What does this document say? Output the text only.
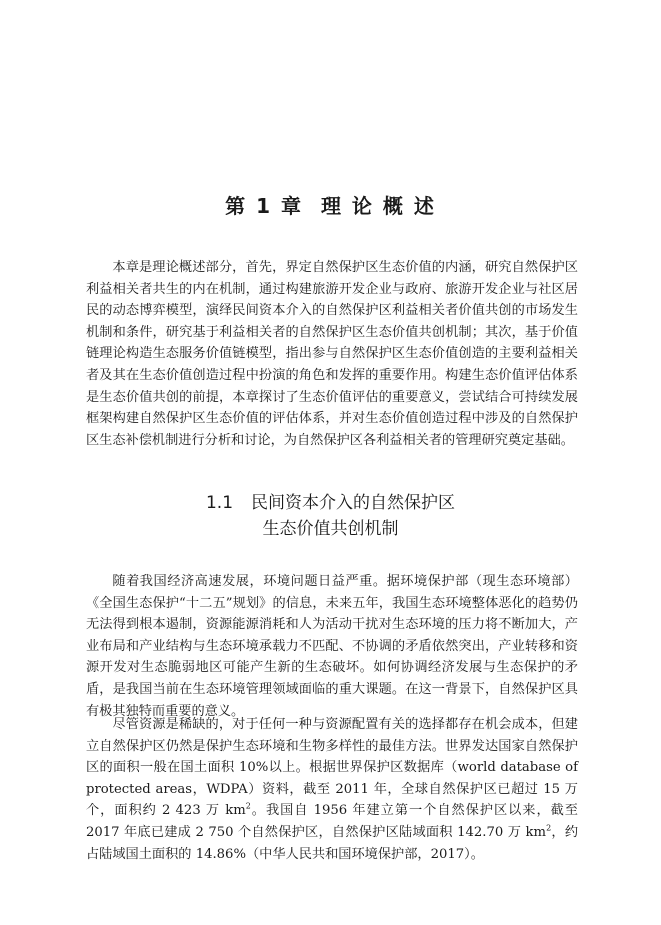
第 1 章 理 论 概 述

本章是理论概述部分，首先，界定自然保护区生态价值的内涵，研究自然保护区利益相关者共生的内在机制，通过构建旅游开发企业与政府、旅游开发企业与社区居民的动态博弈模型，演绎民间资本介入的自然保护区利益相关者价值共创的市场发生机制和条件，研究基于利益相关者的自然保护区生态价值共创机制；其次，基于价值链理论构造生态服务价值链模型，指出参与自然保护区生态价值创造的主要利益相关者及其在生态价值创造过程中扮演的角色和发挥的重要作用。构建生态价值评估体系是生态价值共创的前提，本章探讨了生态价值评估的重要意义，尝试结合可持续发展框架构建自然保护区生态价值的评估体系，并对生态价值创造过程中涉及的自然保护区生态补偿机制进行分析和讨论，为自然保护区各利益相关者的管理研究奠定基础。

1.1 民间资本介入的自然保护区
生态价值共创机制

随着我国经济高速发展，环境问题日益严重。据环境保护部（现生态环境部）《全国生态保护“十二五”规划》的信息，未来五年，我国生态环境整体恶化的趋势仍无法得到根本遏制，资源能源消耗和人为活动干扰对生态环境的压力将不断加大，产业布局和产业结构与生态环境承载力不匹配、不协调的矛盾依然突出，产业转移和资源开发对生态脆弱地区可能产生新的生态破坏。如何协调经济发展与生态保护的矛盾，是我国当前在生态环境管理领域面临的重大课题。在这一背景下，自然保护区具有极其独特而重要的意义。

尽管资源是稀缺的，对于任何一种与资源配置有关的选择都存在机会成本，但建立自然保护区仍然是保护生态环境和生物多样性的最佳方法。世界发达国家自然保护区的面积一般在国土面积 10%以上。根据世界保护区数据库（world database of protected areas，WDPA）资料，截至 2011 年，全球自然保护区已超过 15 万个，面积约 2 423 万 $km^2$。我国自 1956 年建立第一个自然保护区以来，截至 2017 年底已建成 2 750 个自然保护区，自然保护区陆域面积 142.70 万 $km^2$，约占陆域国土面积的 14.86%（中华人民共和国环境保护部，2017）。
